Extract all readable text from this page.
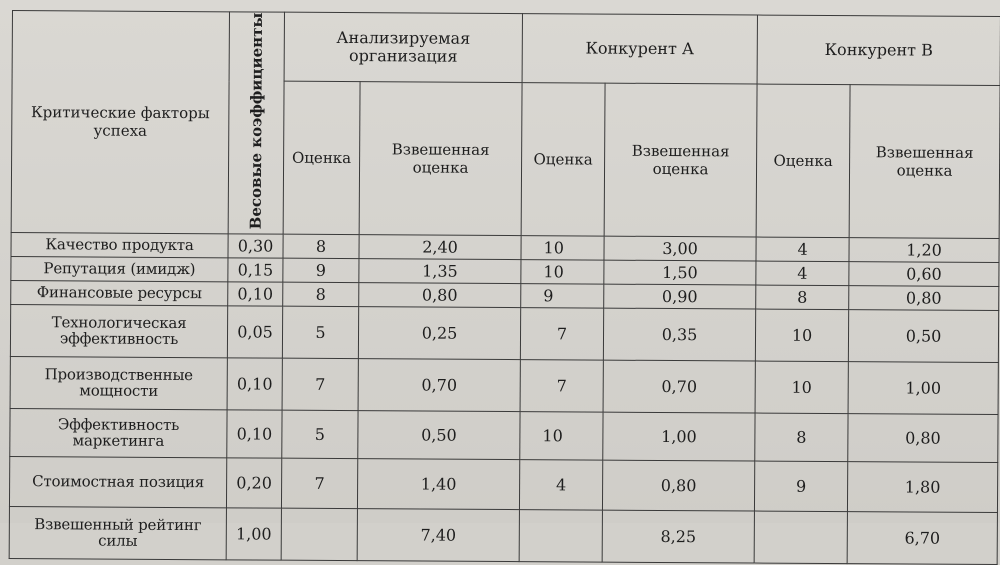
Критические факторы успеха	Весовые коэффициенты	Анализируемая организация		Конкурент А		Конкурент В	
		Оценка	Взвешенная оценка	Оценка	Взвешенная оценка	Оценка	Взвешенная оценка
Качество продукта	0,30	8	2,40	10	3,00	4	1,20
Репутация (имидж)	0,15	9	1,35	10	1,50	4	0,60
Финансовые ресурсы	0,10	8	0,80	9	0,90	8	0,80
Технологическая эффективность	0,05	5	0,25	7	0,35	10	0,50
Производственные мощности	0,10	7	0,70	7	0,70	10	1,00
Эффективность маркетинга	0,10	5	0,50	10	1,00	8	0,80
Стоимостная позиция	0,20	7	1,40	4	0,80	9	1,80
Взвешенный рейтинг силы	1,00		7,40		8,25		6,70
